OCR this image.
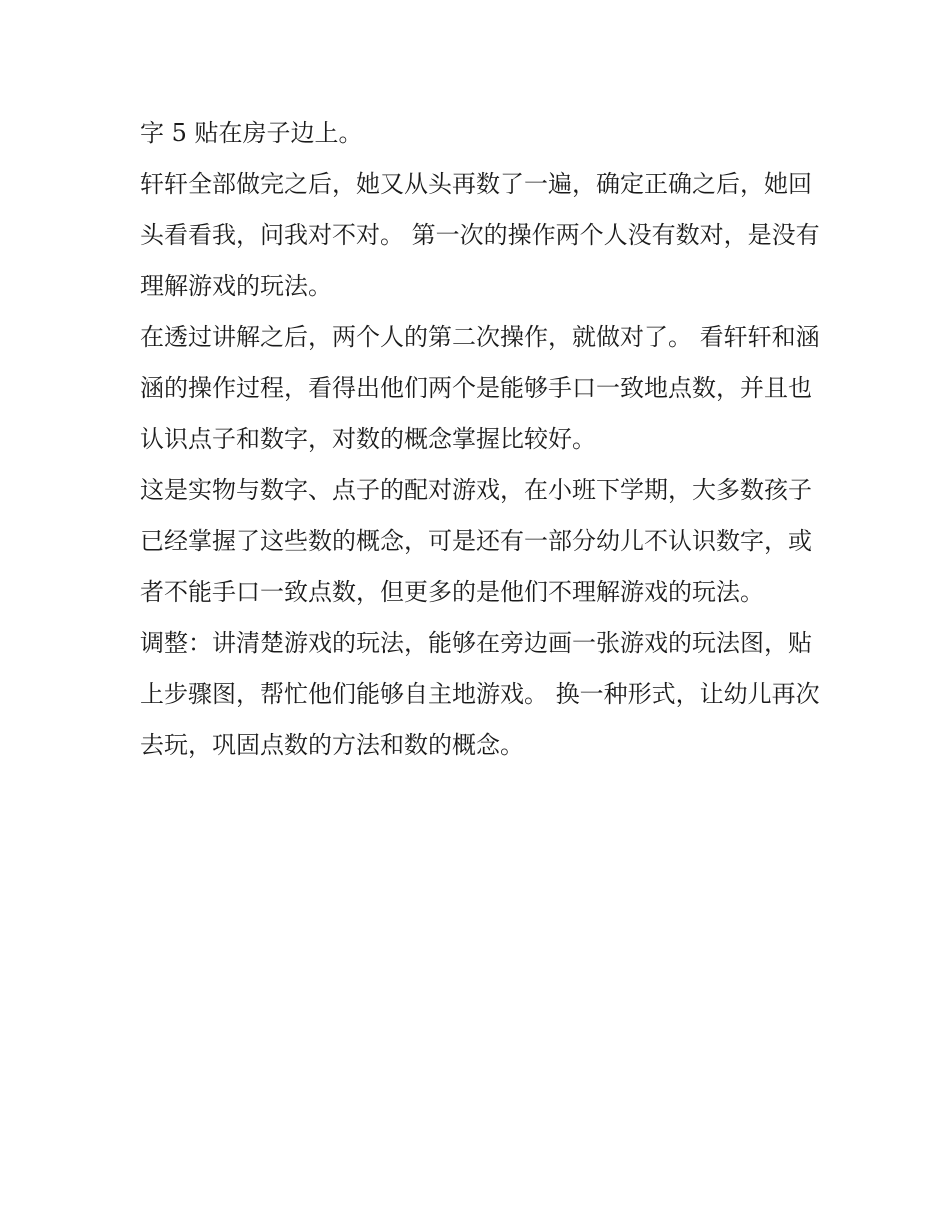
字 5 贴在房子边上。

轩轩全部做完之后，她又从头再数了一遍，确定正确之后，她回头看看我，问我对不对。 第一次的操作两个人没有数对，是没有理解游戏的玩法。

在透过讲解之后，两个人的第二次操作，就做对了。 看轩轩和涵涵的操作过程，看得出他们两个是能够手口一致地点数，并且也认识点子和数字，对数的概念掌握比较好。

这是实物与数字、点子的配对游戏，在小班下学期，大多数孩子已经掌握了这些数的概念，可是还有一部分幼儿不认识数字，或者不能手口一致点数，但更多的是他们不理解游戏的玩法。

调整：讲清楚游戏的玩法，能够在旁边画一张游戏的玩法图，贴上步骤图，帮忙他们能够自主地游戏。 换一种形式，让幼儿再次去玩，巩固点数的方法和数的概念。
